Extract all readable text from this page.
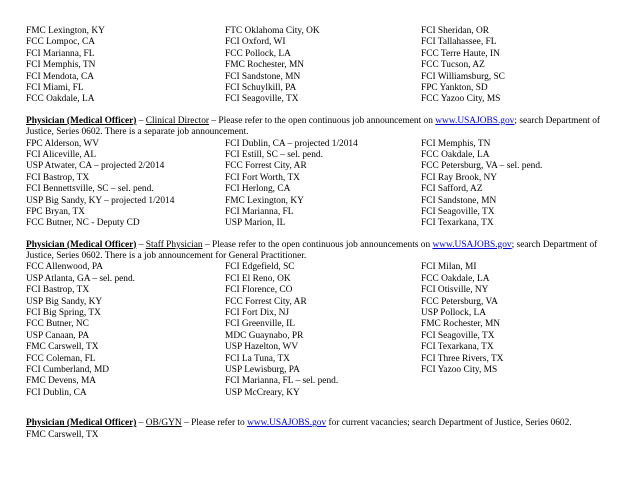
FMC Lexington, KY	FTC Oklahoma City, OK	FCI Sheridan, OR
FCC Lompoc, CA	FCI Oxford, WI	FCI Tallahassee, FL
FCI Marianna, FL	FCC Pollock, LA	FCC Terre Haute, IN
FCI Memphis, TN	FMC Rochester, MN	FCC Tucson, AZ
FCI Mendota, CA	FCI Sandstone, MN	FCI Williamsburg, SC
FCI Miami, FL	FCI Schuylkill, PA	FPC Yankton, SD
FCC Oakdale, LA	FCI Seagoville, TX	FCC Yazoo City, MS
Physician (Medical Officer) – Clinical Director – Please refer to the open continuous job announcement on www.USAJOBS.gov; search Department of Justice, Series 0602. There is a separate job announcement.
FPC Alderson, WV	FCI Dublin, CA – projected 1/2014	FCI Memphis, TN
FCI Aliceville, AL	FCI Estill, SC – sel. pend.	FCC Oakdale, LA
USP Atwater, CA – projected 2/2014	FCC Forrest City, AR	FCC Petersburg, VA – sel. pend.
FCI Bastrop, TX	FCI Fort Worth, TX	FCI Ray Brook, NY
FCI Bennettsville, SC – sel. pend.	FCI Herlong, CA	FCI Safford, AZ
USP Big Sandy, KY – projected 1/2014	FMC Lexington, KY	FCI Sandstone, MN
FPC Bryan, TX	FCI Marianna, FL	FCI Seagoville, TX
FCC Butner, NC - Deputy CD	USP Marion, IL	FCI Texarkana, TX
Physician (Medical Officer) – Staff Physician – Please refer to the open continuous job announcements on www.USAJOBS.gov; search Department of Justice, Series 0602. There is a job announcement for General Practitioner.
FCC Allenwood, PA	FCI Edgefield, SC	FCI Milan, MI
USP Atlanta, GA – sel. pend.	FCI El Reno, OK	FCC Oakdale, LA
FCI Bastrop, TX	FCI Florence, CO	FCI Otisville, NY
USP Big Sandy, KY	FCC Forrest City, AR	FCC Petersburg, VA
FCI Big Spring, TX	FCI Fort Dix, NJ	USP Pollock, LA
FCC Butner, NC	FCI Greenville, IL	FMC Rochester, MN
USP Canaan, PA	MDC Guaynabo, PR	FCI Seagoville, TX
FMC Carswell, TX	USP Hazelton, WV	FCI Texarkana, TX
FCC Coleman, FL	FCI La Tuna, TX	FCI Three Rivers, TX
FCI Cumberland, MD	USP Lewisburg, PA	FCI Yazoo City, MS
FMC Devens, MA	FCI Marianna, FL – sel. pend.
FCI Dublin, CA	USP McCreary, KY
Physician (Medical Officer) – OB/GYN – Please refer to www.USAJOBS.gov for current vacancies; search Department of Justice, Series 0602.
FMC Carswell, TX
